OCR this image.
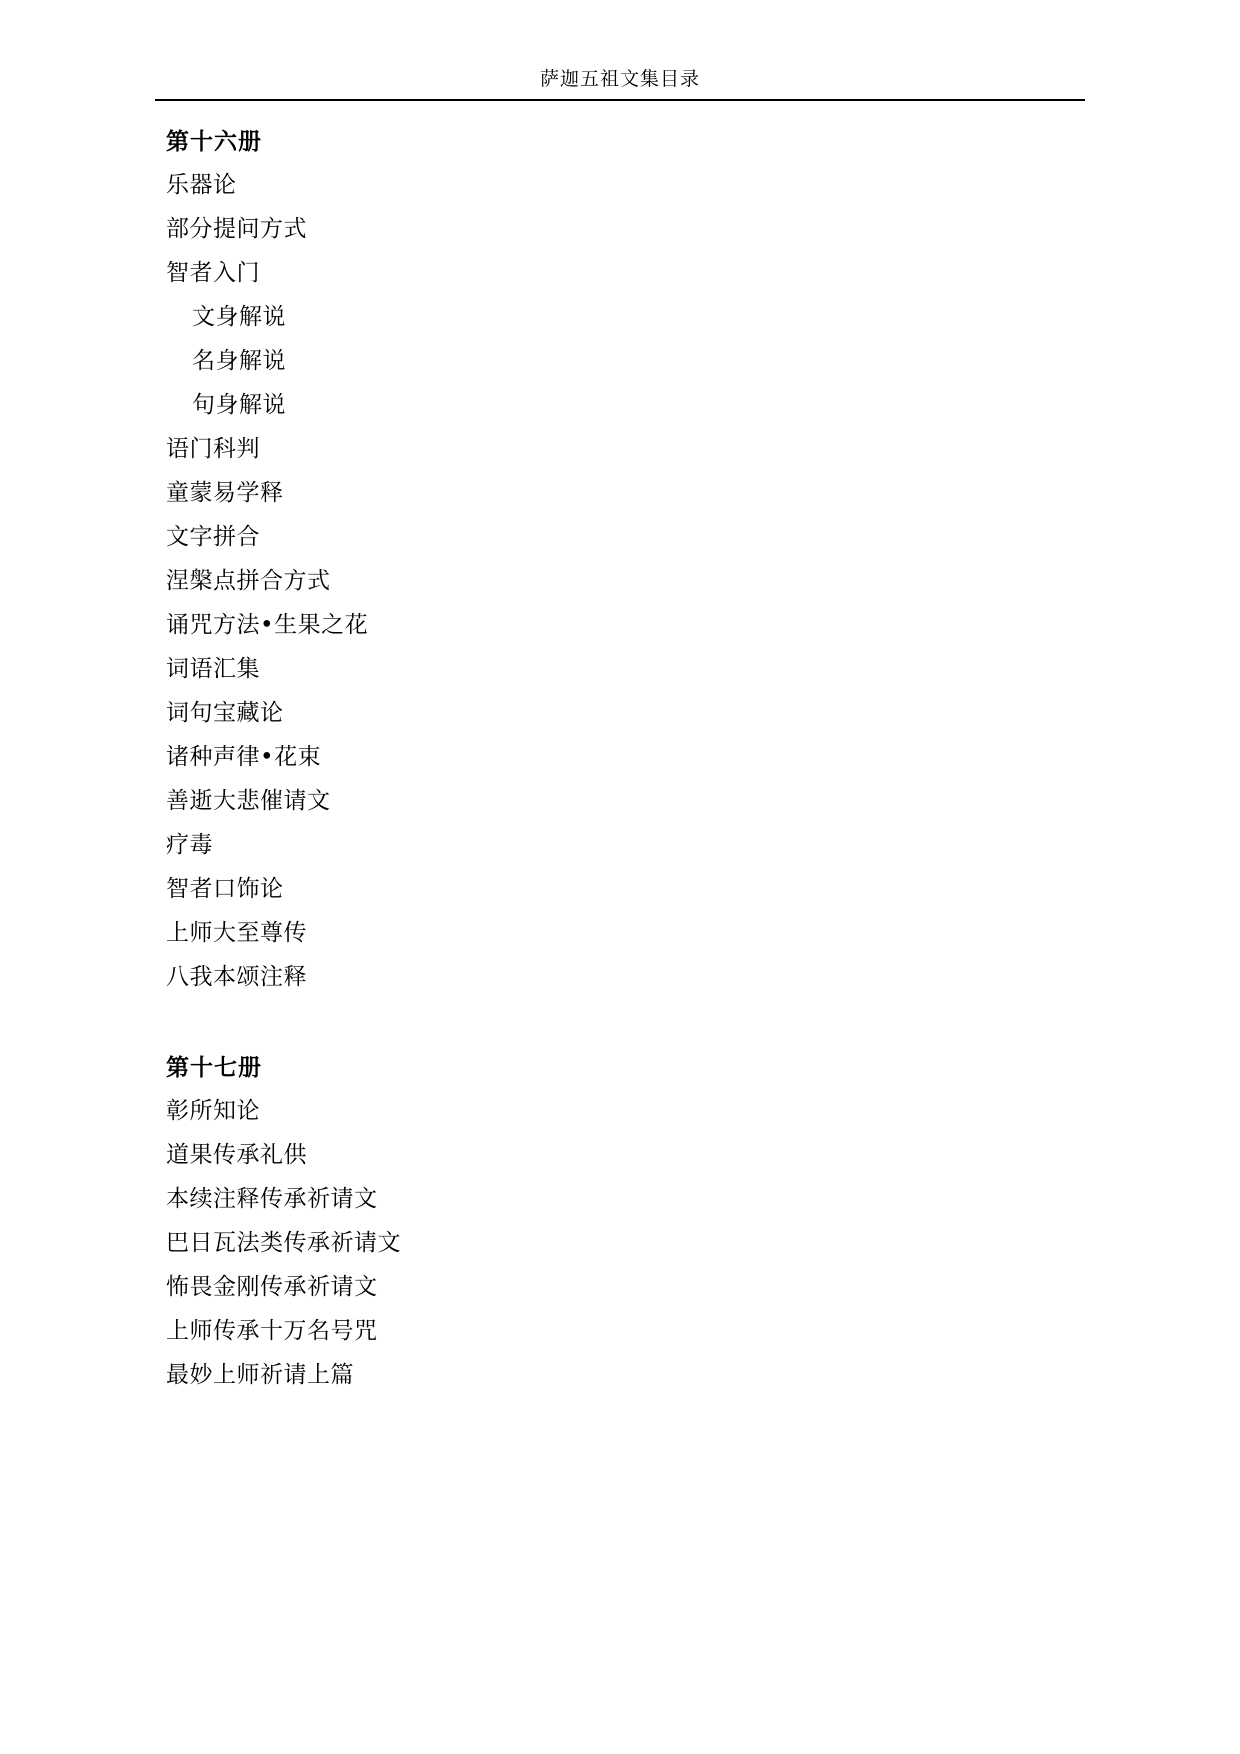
萨迦五祖文集目录
第十六册
乐器论
部分提问方式
智者入门
文身解说
名身解说
句身解说
语门科判
童蒙易学释
文字拼合
涅槃点拼合方式
诵咒方法•生果之花
词语汇集
词句宝藏论
诸种声律•花束
善逝大悲催请文
疗毒
智者口饰论
上师大至尊传
八我本颂注释
第十七册
彰所知论
道果传承礼供
本续注释传承祈请文
巴日瓦法类传承祈请文
怖畏金刚传承祈请文
上师传承十万名号咒
最妙上师祈请上篇
